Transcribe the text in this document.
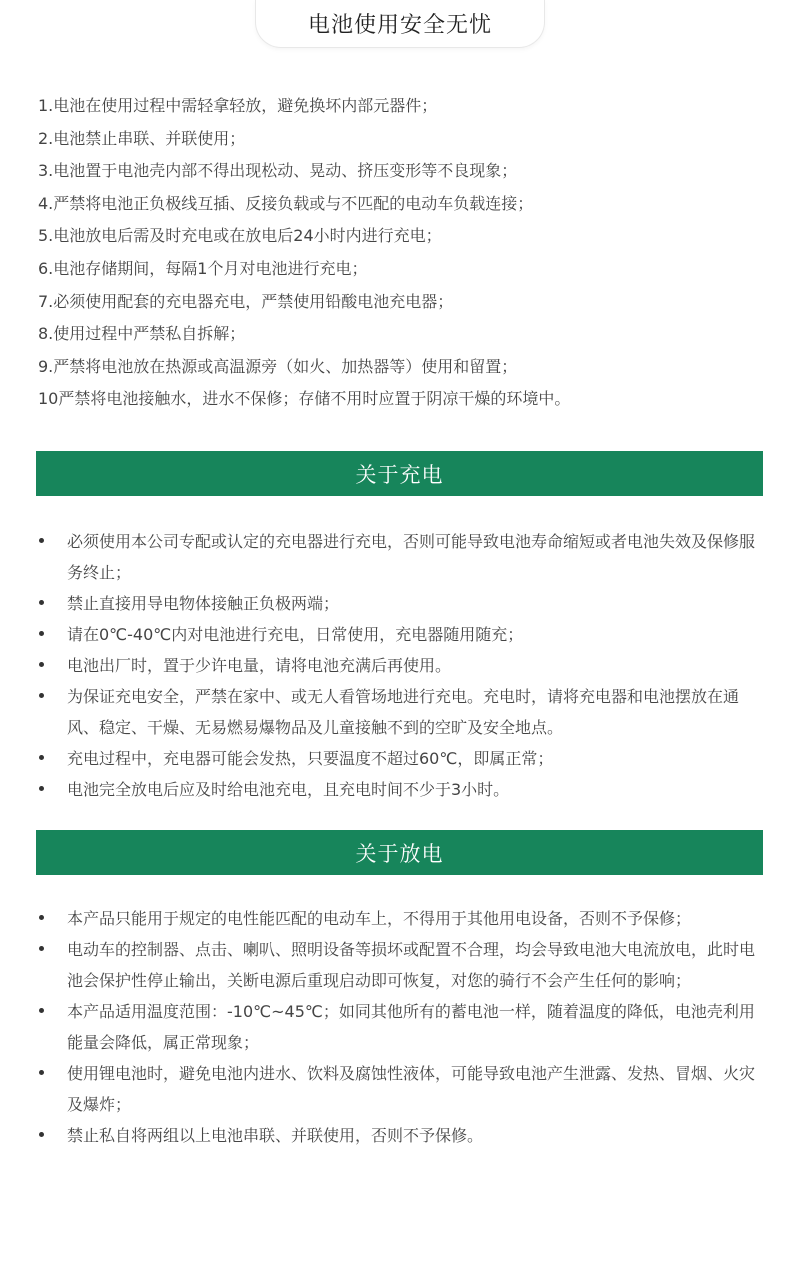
电池使用安全无忧
1.电池在使用过程中需轻拿轻放，避免换坏内部元器件；
2.电池禁止串联、并联使用；
3.电池置于电池壳内部不得出现松动、晃动、挤压变形等不良现象；
4.严禁将电池正负极线互插、反接负载或与不匹配的电动车负载连接；
5.电池放电后需及时充电或在放电后24小时内进行充电；
6.电池存储期间，每隔1个月对电池进行充电；
7.必须使用配套的充电器充电，严禁使用铅酸电池充电器；
8.使用过程中严禁私自拆解；
9.严禁将电池放在热源或高温源旁（如火、加热器等）使用和留置；
10严禁将电池接触水，进水不保修；存储不用时应置于阴凉干燥的环境中。
关于充电
必须使用本公司专配或认定的充电器进行充电，否则可能导致电池寿命缩短或者电池失效及保修服务终止；
禁止直接用导电物体接触正负极两端；
请在0℃-40℃内对电池进行充电，日常使用，充电器随用随充；
电池出厂时，置于少许电量，请将电池充满后再使用。
为保证充电安全，严禁在家中、或无人看管场地进行充电。充电时，请将充电器和电池摆放在通风、稳定、干燥、无易燃易爆物品及儿童接触不到的空旷及安全地点。
充电过程中，充电器可能会发热，只要温度不超过60℃，即属正常；
电池完全放电后应及时给电池充电，且充电时间不少于3小时。
关于放电
本产品只能用于规定的电性能匹配的电动车上，不得用于其他用电设备，否则不予保修；
电动车的控制器、点击、喇叭、照明设备等损坏或配置不合理，均会导致电池大电流放电，此时电池会保护性停止输出，关断电源后重现启动即可恢复，对您的骑行不会产生任何的影响；
本产品适用温度范围：-10℃~45℃；如同其他所有的蓄电池一样，随着温度的降低，电池壳利用能量会降低，属正常现象；
使用锂电池时，避免电池内进水、饮料及腐蚀性液体，可能导致电池产生泄露、发热、冒烟、火灾及爆炸；
禁止私自将两组以上电池串联、并联使用，否则不予保修。
